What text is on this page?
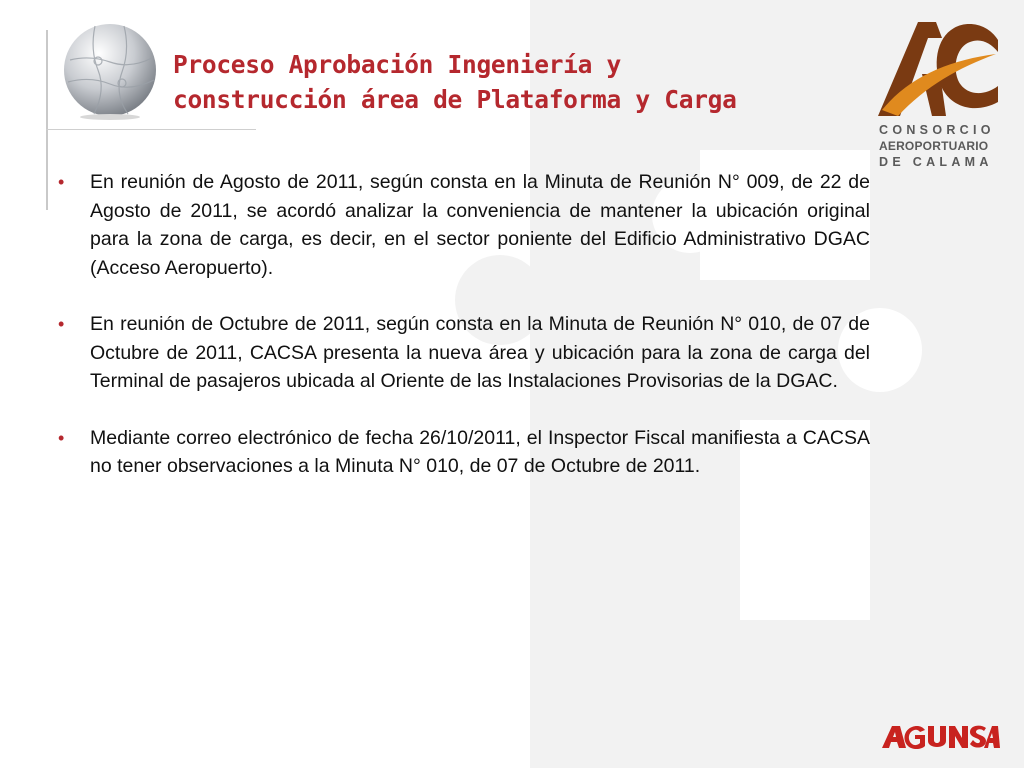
Proceso Aprobación Ingeniería y
construcción área de Plataforma y Carga
CONSORCIO
AEROPORTUARIO
DE CALAMA
• En reunión de Agosto de 2011, según consta en la Minuta de Reunión N° 009, de 22 de Agosto de 2011, se acordó analizar la conveniencia de mantener la ubicación original para la zona de carga, es decir, en el sector poniente del Edificio Administrativo DGAC (Acceso Aeropuerto).
• En reunión de Octubre de 2011, según consta en la Minuta de Reunión N° 010, de 07 de Octubre de 2011, CACSA presenta la nueva área y ubicación para la zona de carga del Terminal de pasajeros ubicada al Oriente de las Instalaciones Provisorias de la DGAC.
• Mediante correo electrónico de fecha 26/10/2011, el Inspector Fiscal manifiesta a CACSA no tener observaciones a la Minuta N° 010, de 07 de Octubre de 2011.
